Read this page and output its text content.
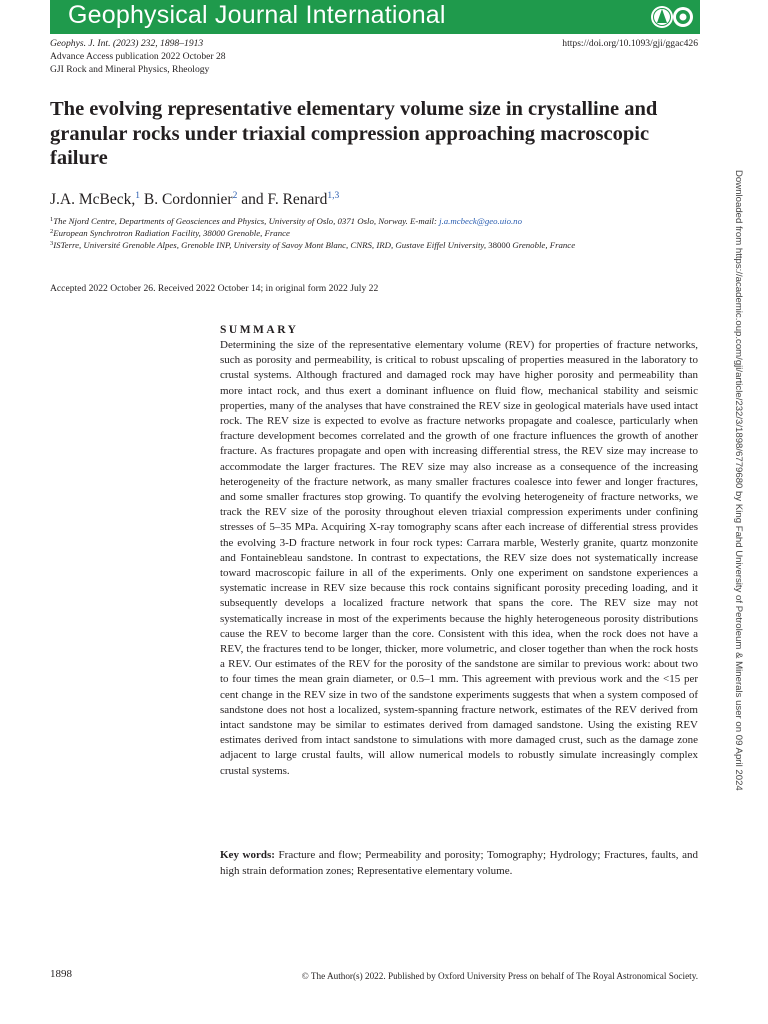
Geophysical Journal International
Geophys. J. Int. (2023) 232, 1898–1913
Advance Access publication 2022 October 28
GJI Rock and Mineral Physics, Rheology
https://doi.org/10.1093/gji/ggac426
The evolving representative elementary volume size in crystalline and granular rocks under triaxial compression approaching macroscopic failure
J.A. McBeck,$^1$ B. Cordonnier$^2$ and F. Renard$^{1,3}$
$^1$The Njord Centre, Departments of Geosciences and Physics, University of Oslo, 0371 Oslo, Norway. E-mail: j.a.mcbeck@geo.uio.no
$^2$European Synchrotron Radiation Facility, 38000 Grenoble, France
$^3$ISTerre, Université Grenoble Alpes, Grenoble INP, University of Savoy Mont Blanc, CNRS, IRD, Gustave Eiffel University, 38000 Grenoble, France
Accepted 2022 October 26. Received 2022 October 14; in original form 2022 July 22
SUMMARY

Determining the size of the representative elementary volume (REV) for properties of fracture networks, such as porosity and permeability, is critical to robust upscaling of properties measured in the laboratory to crustal systems. Although fractured and damaged rock may have higher porosity and permeability than more intact rock, and thus exert a dominant influence on fluid flow, mechanical stability and seismic properties, many of the analyses that have constrained the REV size in geological materials have used intact rock. The REV size is expected to evolve as fracture networks propagate and coalesce, particularly when fracture development becomes correlated and the growth of one fracture influences the growth of another fracture. As fractures propagate and open with increasing differential stress, the REV size may increase to accommodate the larger fractures. The REV size may also increase as a consequence of the increasing heterogeneity of the fracture network, as many smaller fractures coalesce into fewer and longer fractures, and some smaller fractures stop growing. To quantify the evolving heterogeneity of fracture networks, we track the REV size of the porosity throughout eleven triaxial compression experiments under confining stresses of 5–35 MPa. Acquiring X-ray tomography scans after each increase of differential stress provides the evolving 3-D fracture network in four rock types: Carrara marble, Westerly granite, quartz monzonite and Fontainebleau sandstone. In contrast to expectations, the REV size does not systematically increase toward macroscopic failure in all of the experiments. Only one experiment on sandstone experiences a systematic increase in REV size because this rock contains significant porosity preceding loading, and it subsequently develops a localized fracture network that spans the core. The REV size may not systematically increase in most of the experiments because the highly heterogeneous porosity distributions cause the REV to become larger than the core. Consistent with this idea, when the rock does not have a REV, the fractures tend to be longer, thicker, more volumetric, and closer together than when the rock hosts a REV. Our estimates of the REV for the porosity of the sandstone are similar to previous work: about two to four times the mean grain diameter, or 0.5–1 mm. This agreement with previous work and the <15 per cent change in the REV size in two of the sandstone experiments suggests that when a system composed of sandstone does not host a localized, system-spanning fracture network, estimates of the REV derived from intact sandstone may be similar to estimates derived from damaged sandstone. Using the existing REV estimates derived from intact sandstone to simulations with more damaged crust, such as the damage zone adjacent to large crustal faults, will allow numerical models to robustly simulate increasingly complex crustal systems.

Key words: Fracture and flow; Permeability and porosity; Tomography; Hydrology; Fractures, faults, and high strain deformation zones; Representative elementary volume.

1898	© The Author(s) 2022. Published by Oxford University Press on behalf of The Royal Astronomical Society.
Downloaded from https://academic.oup.com/gji/article/232/3/1898/6779680 by King Fahd University of Petroleum & Minerals user on 09 April 2024
